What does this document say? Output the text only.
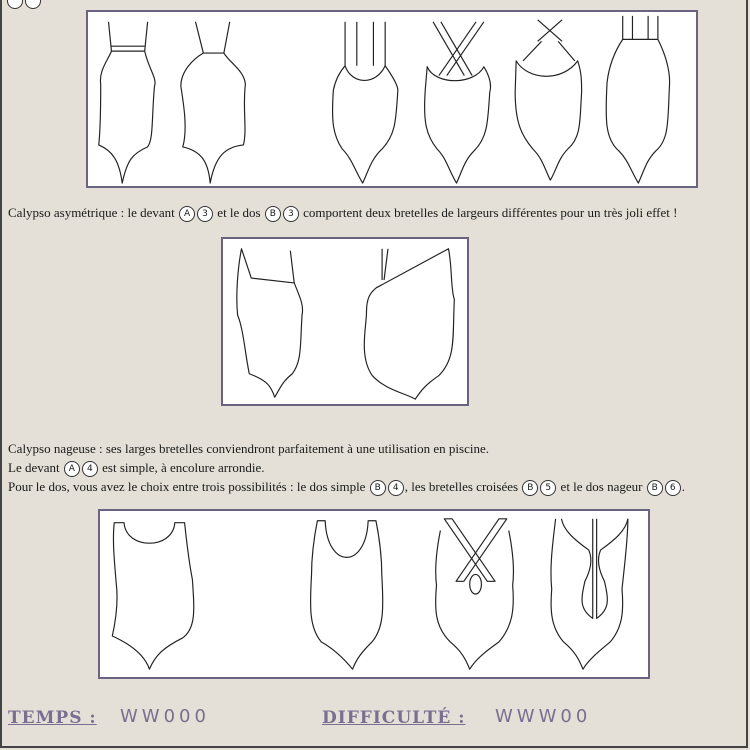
Calypso asymétrique : le devant A 3 et le dos B 3 comportent deux bretelles de largeurs différentes pour un très joli effet !
Calypso nageuse : ses larges bretelles conviendront parfaitement à une utilisation en piscine.
Le devant A 4 est simple, à encolure arrondie.
Pour le dos, vous avez le choix entre trois possibilités : le dos simple B 4 , les bretelles croisées B 5 et le dos nageur B 6 .
TEMPS : WW000	DIFFICULTÉ : WWW00
